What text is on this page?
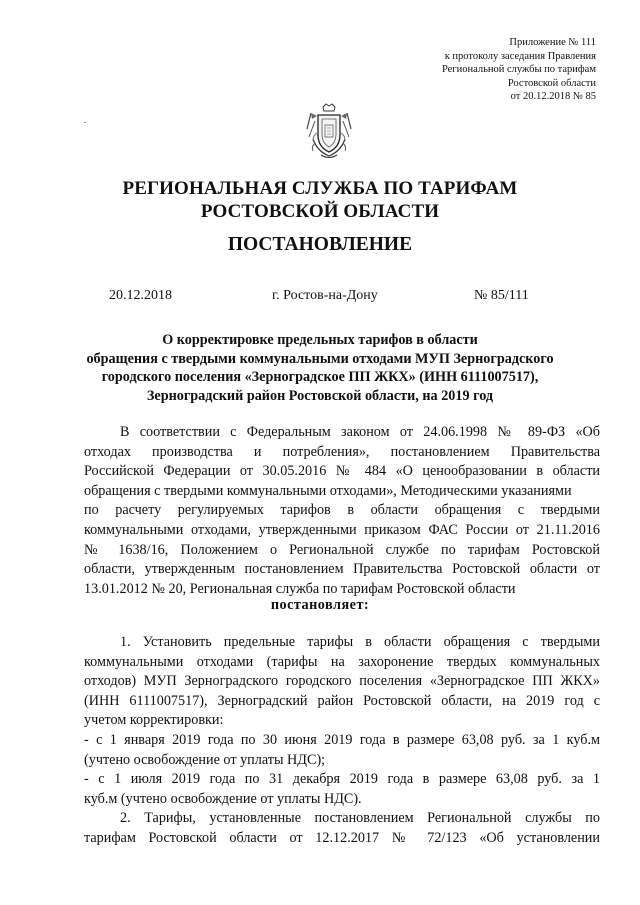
Приложение № 111
к протоколу заседания Правления
Региональной службы по тарифам
Ростовской области
от 20.12.2018 № 85
РЕГИОНАЛЬНАЯ СЛУЖБА ПО ТАРИФАМ
РОСТОВСКОЙ ОБЛАСТИ
ПОСТАНОВЛЕНИЕ
20.12.2018	г. Ростов-на-Дону	№ 85/111
О корректировке предельных тарифов в области
обращения с твердыми коммунальными отходами МУП Зерноградского
городского поселения «Зерноградское ПП ЖКХ» (ИНН 6111007517),
Зерноградский район Ростовской области, на 2019 год
В соответствии с Федеральным законом от 24.06.1998 № 89-ФЗ «Об
отходах производства и потребления», постановлением Правительства
Российской Федерации от 30.05.2016 № 484 «О ценообразовании в области
обращения с твердыми коммунальными отходами», Методическими указаниями
по расчету регулируемых тарифов в области обращения с твердыми
коммунальными отходами, утвержденными приказом ФАС России от 21.11.2016
№ 1638/16, Положением о Региональной службе по тарифам Ростовской
области, утвержденным постановлением Правительства Ростовской области от
13.01.2012 № 20, Региональная служба по тарифам Ростовской области
постановляет:
1. Установить предельные тарифы в области обращения с твердыми
коммунальными отходами (тарифы на захоронение твердых коммунальных
отходов) МУП Зерноградского городского поселения «Зерноградское ПП ЖКХ»
(ИНН 6111007517), Зерноградский район Ростовской области, на 2019 год с
учетом корректировки:
- с 1 января 2019 года по 30 июня 2019 года в размере 63,08 руб. за 1 куб.м
(учтено освобождение от уплаты НДС);
- с 1 июля 2019 года по 31 декабря 2019 года в размере 63,08 руб. за 1
куб.м (учтено освобождение от уплаты НДС).
2. Тарифы, установленные постановлением Региональной службы по
тарифам Ростовской области от 12.12.2017 № 72/123 «Об установлении
